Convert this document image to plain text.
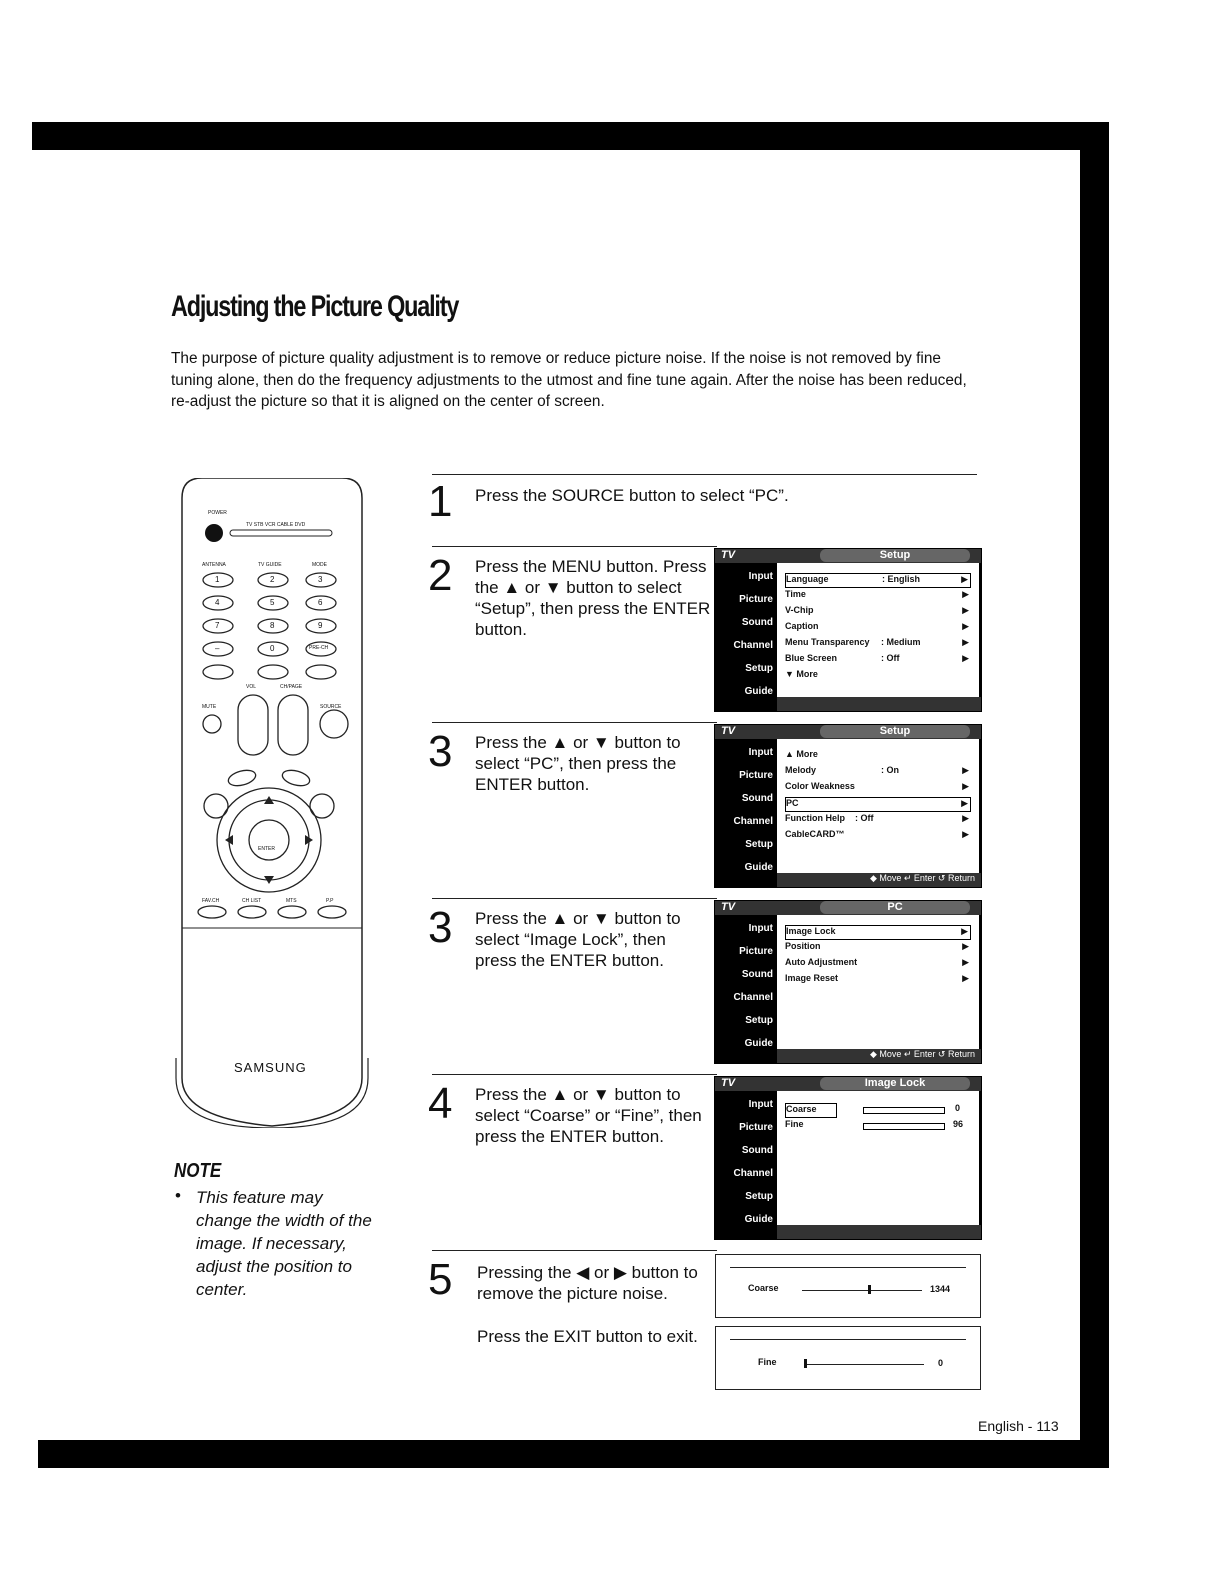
Adjusting the Picture Quality
The purpose of picture quality adjustment is to remove or reduce picture noise. If the noise is not removed by fine tuning alone, then do the frequency adjustments to the utmost and fine tune again. After the noise has been reduced, re-adjust the picture so that it is aligned on the center of screen.
POWER
TV STB VCR CABLE DVD
ANTENNA	TV GUIDE	MODE
1	2	3
4	5	6
7	8	9
–	0	PRE-CH
VOL	CH/PAGE
MUTE	SOURCE
ENTER
FAV.CH	CH LIST	MTS	P.P
SAMSUNG
NOTE
• This feature may change the width of the image. If necessary, adjust the position to center.
1 Press the SOURCE button to select “PC”.
2 Press the MENU button. Press the ▲ or ▼ button to select “Setup”, then press the ENTER button.
3 Press the ▲ or ▼ button to select “PC”, then press the ENTER button.
3 Press the ▲ or ▼ button to select “Image Lock”, then press the ENTER button.
4 Press the ▲ or ▼ button to select “Coarse” or “Fine”, then press the ENTER button.
5 Pressing the ◀ or ▶ button to remove the picture noise.
Press the EXIT button to exit.
TV	Setup
Input
Picture
Sound
Channel
Setup
Guide
Language	: English	▶
Time	▶
V-Chip	▶
Caption	▶
Menu Transparency : Medium	▶
Blue Screen	: Off	▶
▼ More
TV	Setup
Input
Picture
Sound
Channel
Setup
Guide
▲ More
Melody	: On	▶
Color Weakness	▶
PC	▶
Function Help : Off	▶
CableCARD™	▶
◆ Move ↵ Enter ↺ Return
TV	PC
Input
Picture
Sound
Channel
Setup
Guide
Image Lock	▶
Position	▶
Auto Adjustment	▶
Image Reset	▶
◆ Move ↵ Enter ↺ Return
TV	Image Lock
Input
Picture
Sound
Channel
Setup
Guide
Coarse	0
Fine	96
Coarse	1344
Fine	0
English - 113
